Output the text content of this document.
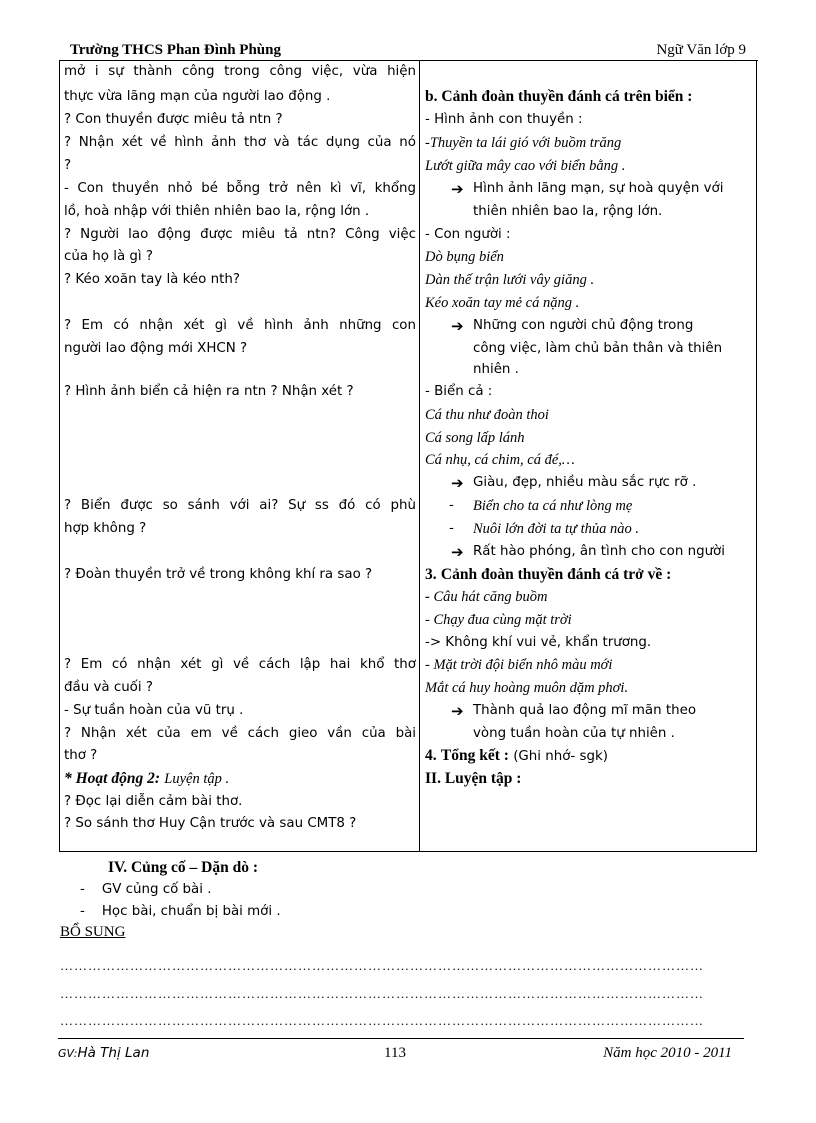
Trường THCS Phan Đình Phùng	Ngữ Văn lớp 9
mở i sự thành công trong công việc, vừa hiện
thực vừa lãng mạn của người lao động .
? Con thuyền được miêu tả ntn ?
? Nhận xét về hình ảnh thơ và tác dụng của nó
?
- Con thuyền nhỏ bé bỗng trở nên kì vĩ, khổng
lồ, hoà nhập với thiên nhiên bao la, rộng lớn .
? Người lao động được miêu tả ntn? Công việc
của họ là gì ?
? Kéo xoăn tay là kéo nth?
? Em có nhận xét gì về hình ảnh những con
người lao động mới XHCN ?
? Hình ảnh biển cả hiện ra ntn ? Nhận xét ?
? Biển được so sánh với ai? Sự ss đó có phù
hợp không ?
? Đoàn thuyền trở về trong không khí ra sao ?
? Em có nhận xét gì về cách lập hai khổ thơ
đầu và cuối ?
- Sự tuần hoàn của vũ trụ .
? Nhận xét của em về cách gieo vần của bài
thơ ?
* Hoạt động 2: Luyện tập .
? Đọc lại diễn cảm bài thơ.
? So sánh thơ Huy Cận trước và sau CMT8 ?
b. Cảnh đoàn thuyền đánh cá trên biển :
- Hình ảnh con thuyền :
-Thuyền ta lái gió với buồm trăng
Lướt giữa mây cao với biển bằng .
➔ Hình ảnh lãng mạn, sự hoà quyện với
thiên nhiên bao la, rộng lớn.
- Con người :
Dò bụng biển
Dàn thế trận lưới vây giăng .
Kéo xoăn tay mẻ cá nặng .
➔ Những con người chủ động trong
công việc, làm chủ bản thân và thiên
nhiên .
- Biển cả :
Cá thu như đoàn thoi
Cá song lấp lánh
Cá nhụ, cá chim, cá đé,…
➔ Giàu, đẹp, nhiều màu sắc rực rỡ .
- Biển cho ta cá như lòng mẹ
- Nuôi lớn đời ta tự thủa nào .
➔ Rất hào phóng, ân tình cho con người
3. Cảnh đoàn thuyền đánh cá trở về :
- Câu hát căng buồm
- Chạy đua cùng mặt trời
-> Không khí vui vẻ, khẩn trương.
- Mặt trời đội biển nhô màu mới
Mắt cá huy hoàng muôn dặm phơi.
➔ Thành quả lao động mĩ mãn theo
vòng tuần hoàn của tự nhiên .
4. Tổng kết : (Ghi nhớ- sgk)
II. Luyện tập :
IV. Củng cố – Dặn dò :
-    GV củng cố bài .
-    Học bài, chuẩn bị bài mới .
BỔ SUNG
…………………………………………………………………………………………………………………………
…………………………………………………………………………………………………………………………
…………………………………………………………………………………………………………………………
GV:Hà Thị Lan	113	Năm học 2010 - 2011
